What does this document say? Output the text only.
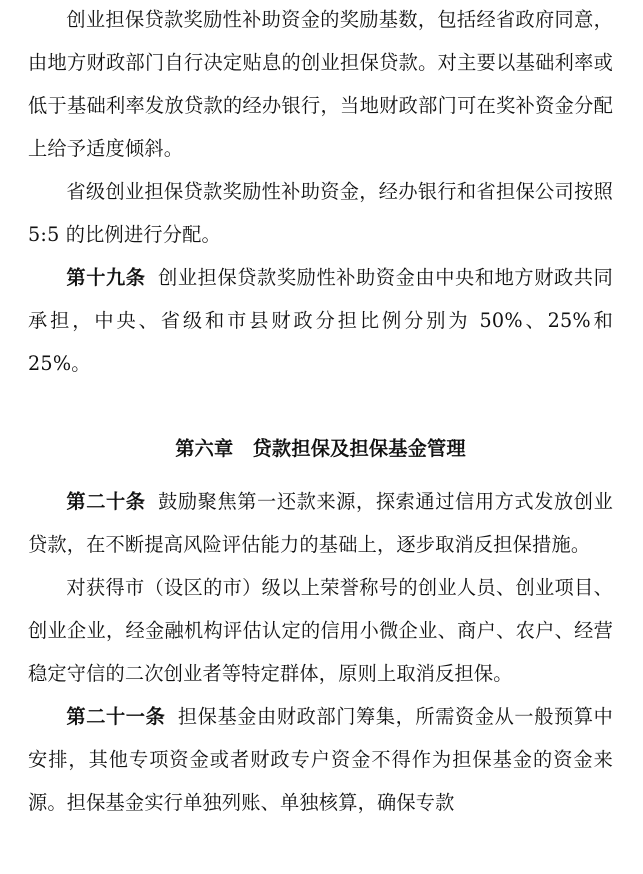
创业担保贷款奖励性补助资金的奖励基数，包括经省政府同意，由地方财政部门自行决定贴息的创业担保贷款。对主要以基础利率或低于基础利率发放贷款的经办银行，当地财政部门可在奖补资金分配上给予适度倾斜。

省级创业担保贷款奖励性补助资金，经办银行和省担保公司按照 5:5 的比例进行分配。

第十九条 创业担保贷款奖励性补助资金由中央和地方财政共同承担，中央、省级和市县财政分担比例分别为 50%、25%和 25%。

第六章 贷款担保及担保基金管理

第二十条 鼓励聚焦第一还款来源，探索通过信用方式发放创业贷款，在不断提高风险评估能力的基础上，逐步取消反担保措施。

对获得市（设区的市）级以上荣誉称号的创业人员、创业项目、创业企业，经金融机构评估认定的信用小微企业、商户、农户、经营稳定守信的二次创业者等特定群体，原则上取消反担保。

第二十一条 担保基金由财政部门筹集，所需资金从一般预算中安排，其他专项资金或者财政专户资金不得作为担保基金的资金来源。担保基金实行单独列账、单独核算，确保专款
